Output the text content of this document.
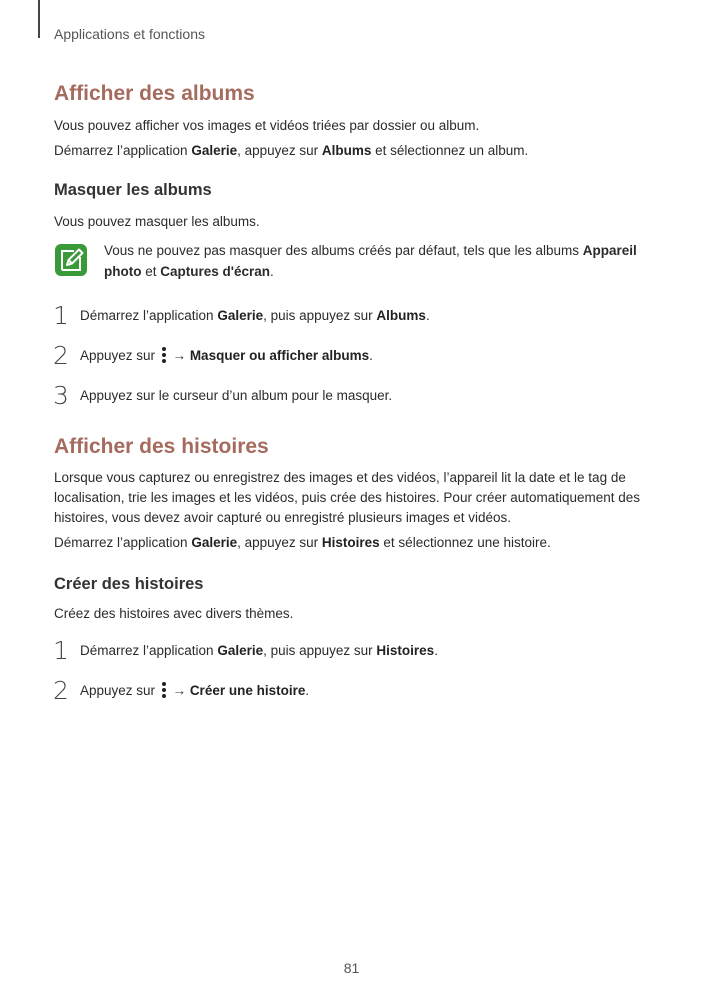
Applications et fonctions
Afficher des albums
Vous pouvez afficher vos images et vidéos triées par dossier ou album.
Démarrez l’application Galerie, appuyez sur Albums et sélectionnez un album.
Masquer les albums
Vous pouvez masquer les albums.
Vous ne pouvez pas masquer des albums créés par défaut, tels que les albums Appareil photo et Captures d'écran.
1 Démarrez l’application Galerie, puis appuyez sur Albums.
2 Appuyez sur
→ Masquer ou afficher albums.
3 Appuyez sur le curseur d’un album pour le masquer.
Afficher des histoires
Lorsque vous capturez ou enregistrez des images et des vidéos, l’appareil lit la date et le tag de localisation, trie les images et les vidéos, puis crée des histoires. Pour créer automatiquement des histoires, vous devez avoir capturé ou enregistré plusieurs images et vidéos.
Démarrez l’application Galerie, appuyez sur Histoires et sélectionnez une histoire.
Créer des histoires
Créez des histoires avec divers thèmes.
1 Démarrez l’application Galerie, puis appuyez sur Histoires.
2 Appuyez sur
→ Créer une histoire.
81
